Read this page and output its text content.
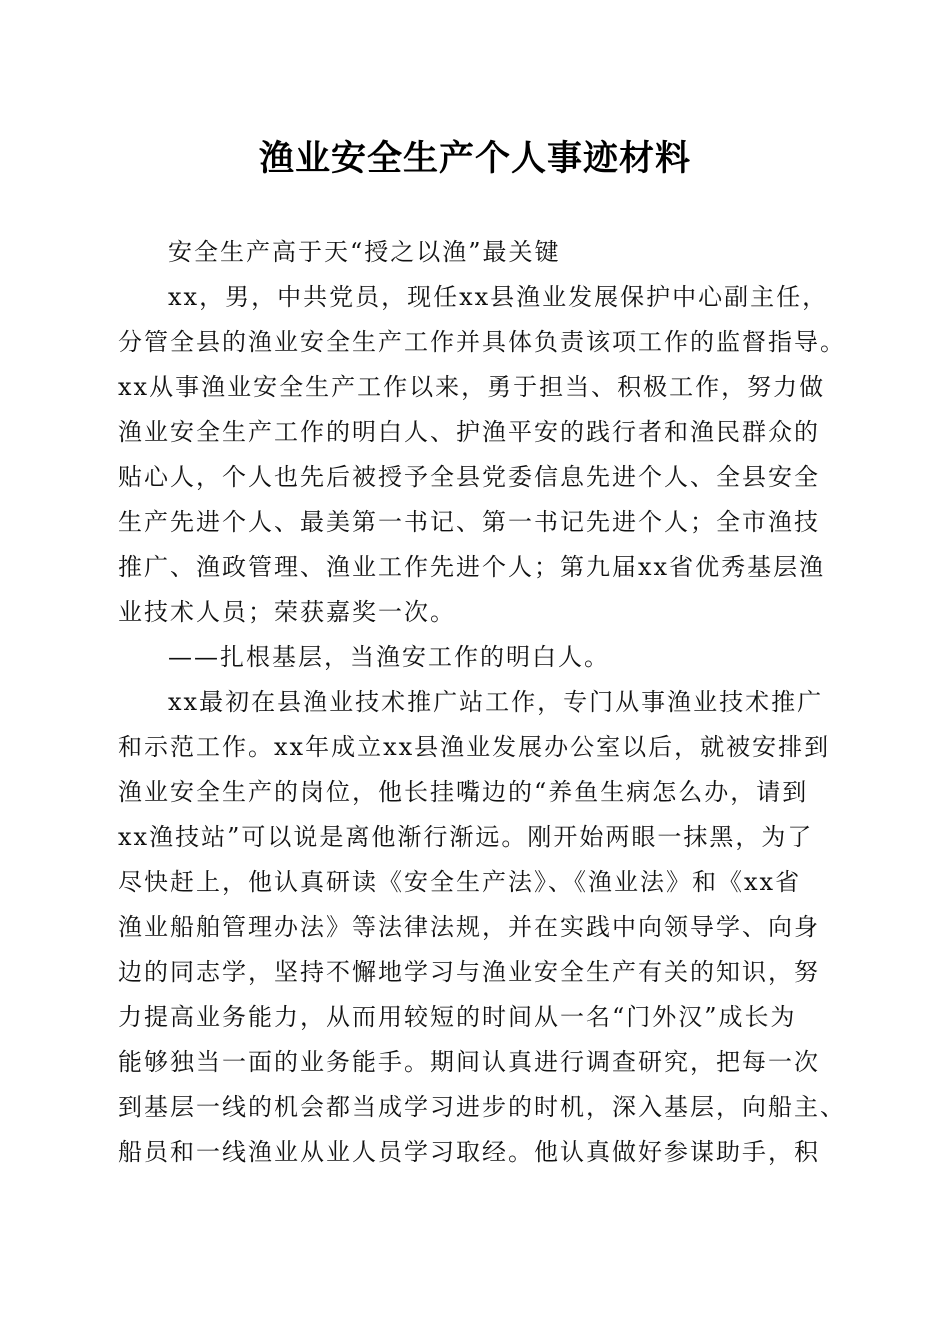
渔业安全生产个人事迹材料
安全生产高于天“授之以渔”最关键
xx，男，中共党员，现任xx县渔业发展保护中心副主任，
分管全县的渔业安全生产工作并具体负责该项工作的监督指导。
xx从事渔业安全生产工作以来，勇于担当、积极工作，努力做
渔业安全生产工作的明白人、护渔平安的践行者和渔民群众的
贴心人，个人也先后被授予全县党委信息先进个人、全县安全
生产先进个人、最美第一书记、第一书记先进个人；全市渔技
推广、渔政管理、渔业工作先进个人；第九届xx省优秀基层渔
业技术人员；荣获嘉奖一次。
——扎根基层，当渔安工作的明白人。
xx最初在县渔业技术推广站工作，专门从事渔业技术推广
和示范工作。xx年成立xx县渔业发展办公室以后，就被安排到
渔业安全生产的岗位，他长挂嘴边的“养鱼生病怎么办，请到
xx渔技站”可以说是离他渐行渐远。刚开始两眼一抹黑，为了
尽快赶上，他认真研读《安全生产法》、《渔业法》和《xx省
渔业船舶管理办法》等法律法规，并在实践中向领导学、向身
边的同志学，坚持不懈地学习与渔业安全生产有关的知识，努
力提高业务能力，从而用较短的时间从一名“门外汉”成长为
能够独当一面的业务能手。期间认真进行调查研究，把每一次
到基层一线的机会都当成学习进步的时机，深入基层，向船主、
船员和一线渔业从业人员学习取经。他认真做好参谋助手，积
